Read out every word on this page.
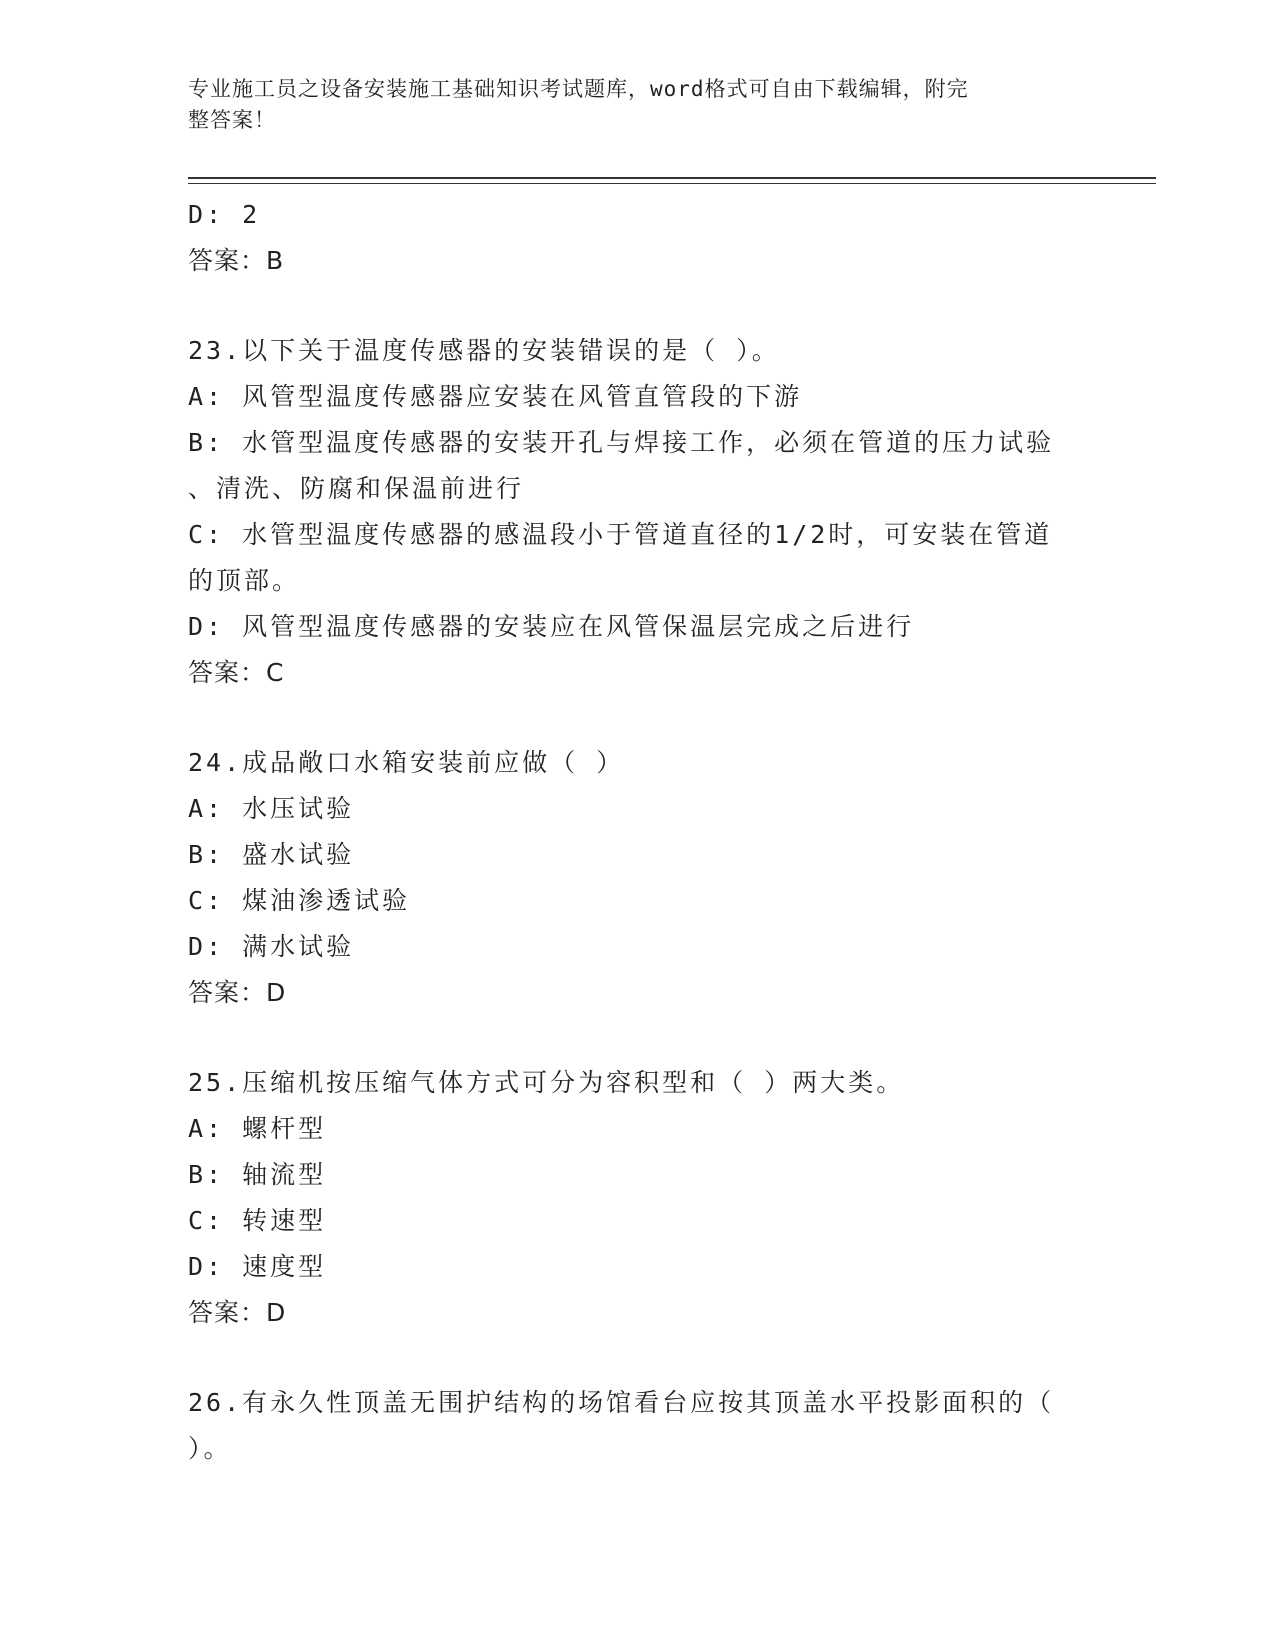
专业施工员之设备安装施工基础知识考试题库，word格式可自由下载编辑，附完
整答案！
D: 2
答案：B
23.以下关于温度传感器的安装错误的是（ ）。
A: 风管型温度传感器应安装在风管直管段的下游
B: 水管型温度传感器的安装开孔与焊接工作，必须在管道的压力试验
、清洗、防腐和保温前进行
C: 水管型温度传感器的感温段小于管道直径的1/2时，可安装在管道
的顶部。
D: 风管型温度传感器的安装应在风管保温层完成之后进行
答案：C
24.成品敞口水箱安装前应做（ ）
A: 水压试验
B: 盛水试验
C: 煤油渗透试验
D: 满水试验
答案：D
25.压缩机按压缩气体方式可分为容积型和（ ）两大类。
A: 螺杆型
B: 轴流型
C: 转速型
D: 速度型
答案：D
26.有永久性顶盖无围护结构的场馆看台应按其顶盖水平投影面积的（
）。
